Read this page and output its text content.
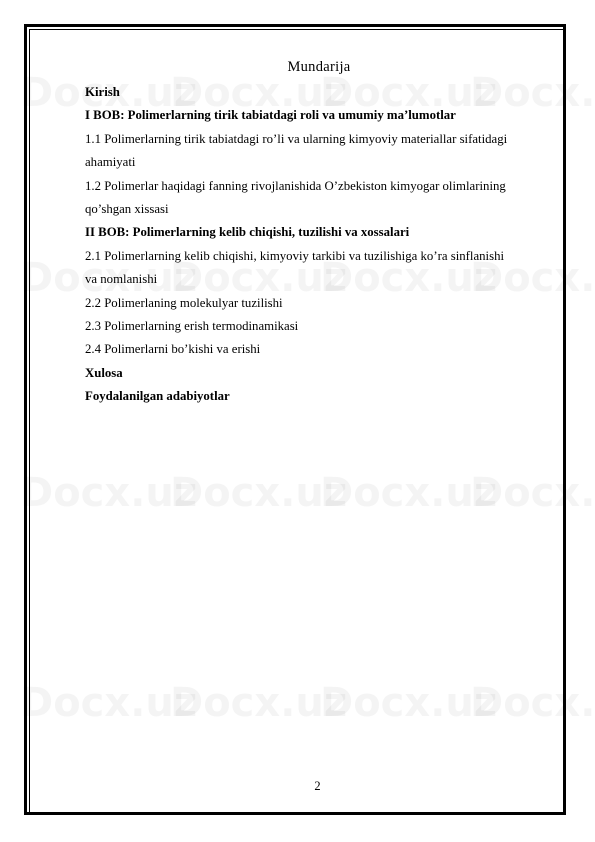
Mundarija
Kirish
I BOB: Polimerlarning tirik tabiatdagi roli va umumiy ma’lumotlar
1.1 Polimerlarning tirik tabiatdagi ro’li va ularning kimyoviy materiallar sifatidagi
ahamiyati
1.2 Polimerlar haqidagi fanning rivojlanishida O’zbekiston kimyogar olimlarining
qo’shgan xissasi
II BOB: Polimerlarning kelib chiqishi, tuzilishi va xossalari
2.1 Polimerlarning kelib chiqishi, kimyoviy tarkibi va tuzilishiga ko’ra sinflanishi
va nomlanishi
2.2 Polimerlaning molekulyar tuzilishi
2.3 Polimerlarning erish termodinamikasi
2.4 Polimerlarni bo’kishi va erishi
Xulosa
Foydalanilgan adabiyotlar
2
